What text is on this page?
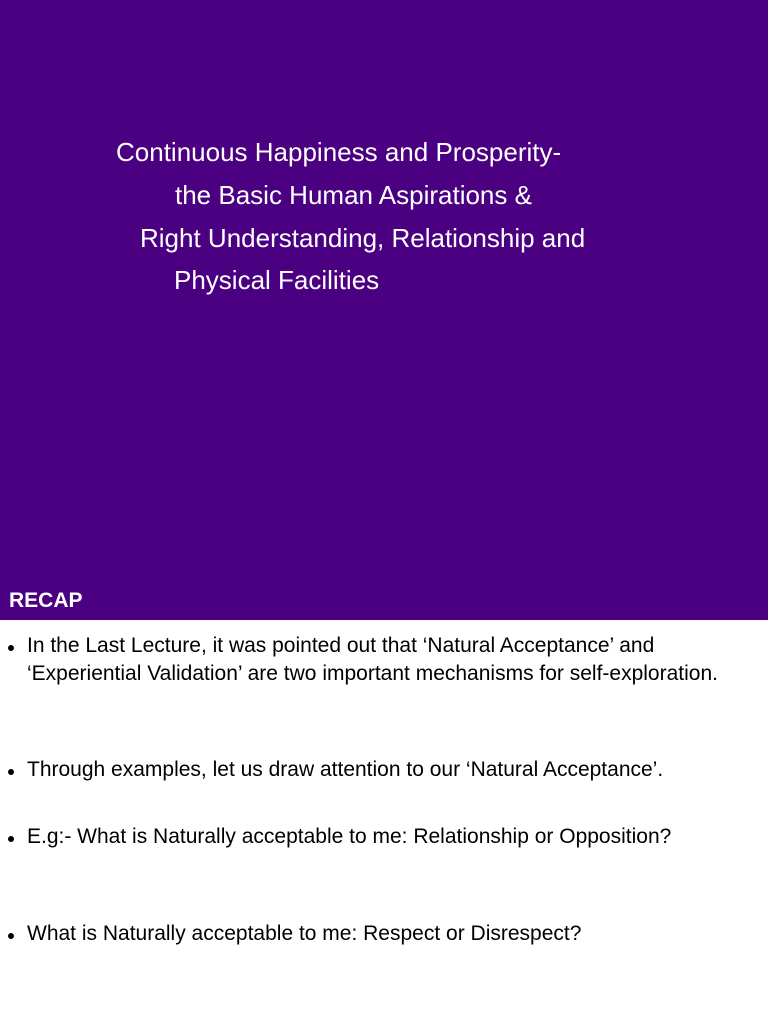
Continuous Happiness and Prosperity-
the Basic Human Aspirations &
Right Understanding, Relationship and
Physical Facilities
RECAP
In the Last Lecture, it was pointed out that ‘Natural Acceptance’ and ‘Experiential Validation’ are two important mechanisms for self-exploration.
Through examples, let us draw attention to our ‘Natural Acceptance’.
E.g:- What is Naturally acceptable to me: Relationship or Opposition?
What is Naturally acceptable to me: Respect or Disrespect?
